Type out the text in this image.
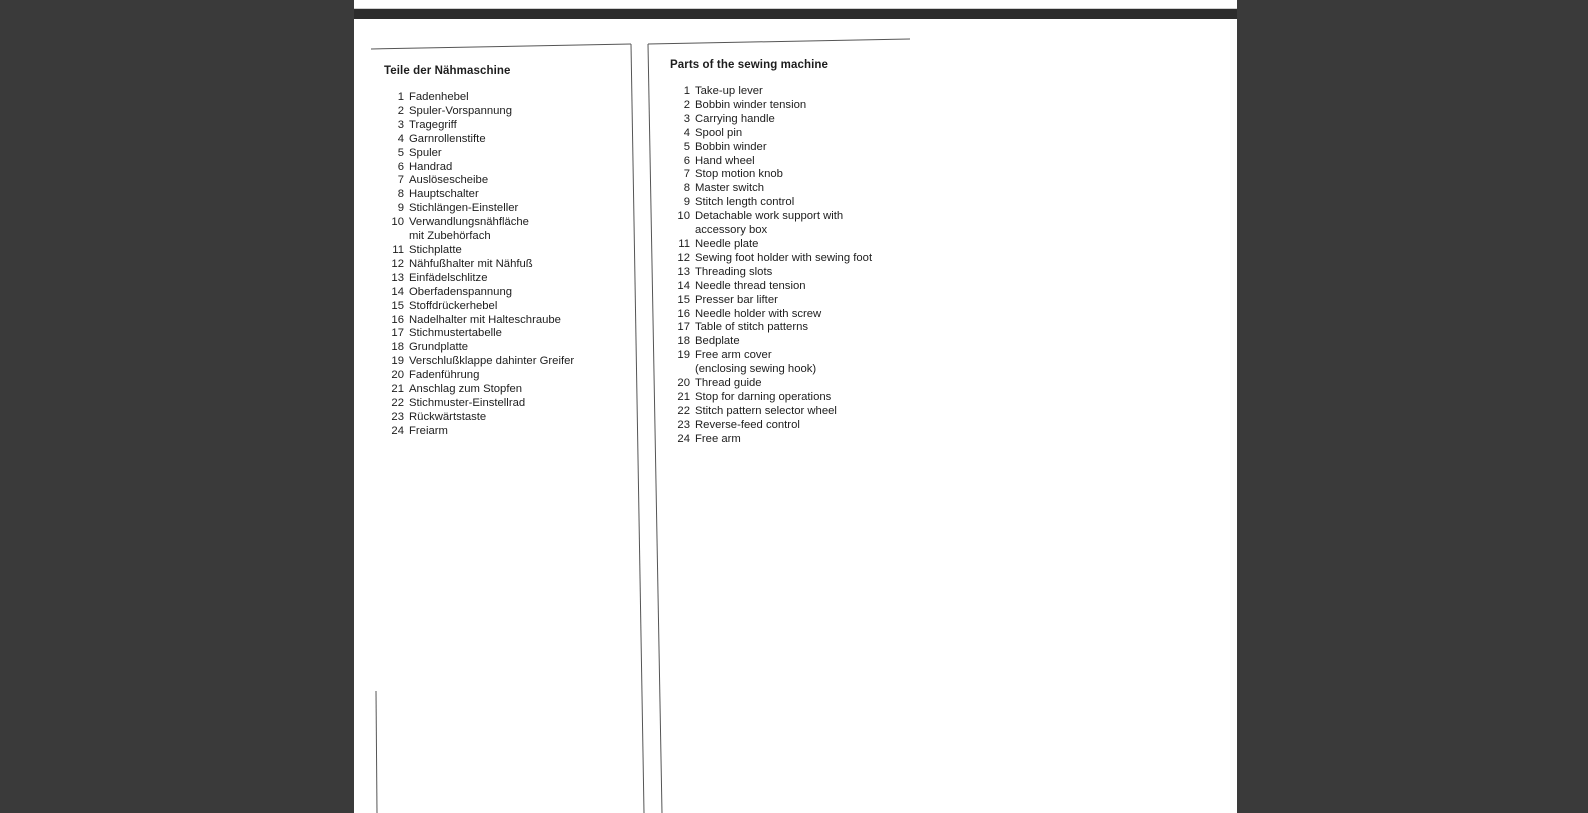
Teile der Nähmaschine
1 Fadenhebel
2 Spuler-Vorspannung
3 Tragegriff
4 Garnrollenstifte
5 Spuler
6 Handrad
7 Auslösescheibe
8 Hauptschalter
9 Stichlängen-Einsteller
10 Verwandlungsnähfläche
mit Zubehörfach
11 Stichplatte
12 Nähfußhalter mit Nähfuß
13 Einfädelschlitze
14 Oberfadenspannung
15 Stoffdrückerhebel
16 Nadelhalter mit Halteschraube
17 Stichmustertabelle
18 Grundplatte
19 Verschlußklappe dahinter Greifer
20 Fadenführung
21 Anschlag zum Stopfen
22 Stichmuster-Einstellrad
23 Rückwärtstaste
24 Freiarm
Parts of the sewing machine
1 Take-up lever
2 Bobbin winder tension
3 Carrying handle
4 Spool pin
5 Bobbin winder
6 Hand wheel
7 Stop motion knob
8 Master switch
9 Stitch length control
10 Detachable work support with
accessory box
11 Needle plate
12 Sewing foot holder with sewing foot
13 Threading slots
14 Needle thread tension
15 Presser bar lifter
16 Needle holder with screw
17 Table of stitch patterns
18 Bedplate
19 Free arm cover
(enclosing sewing hook)
20 Thread guide
21 Stop for darning operations
22 Stitch pattern selector wheel
23 Reverse-feed control
24 Free arm
